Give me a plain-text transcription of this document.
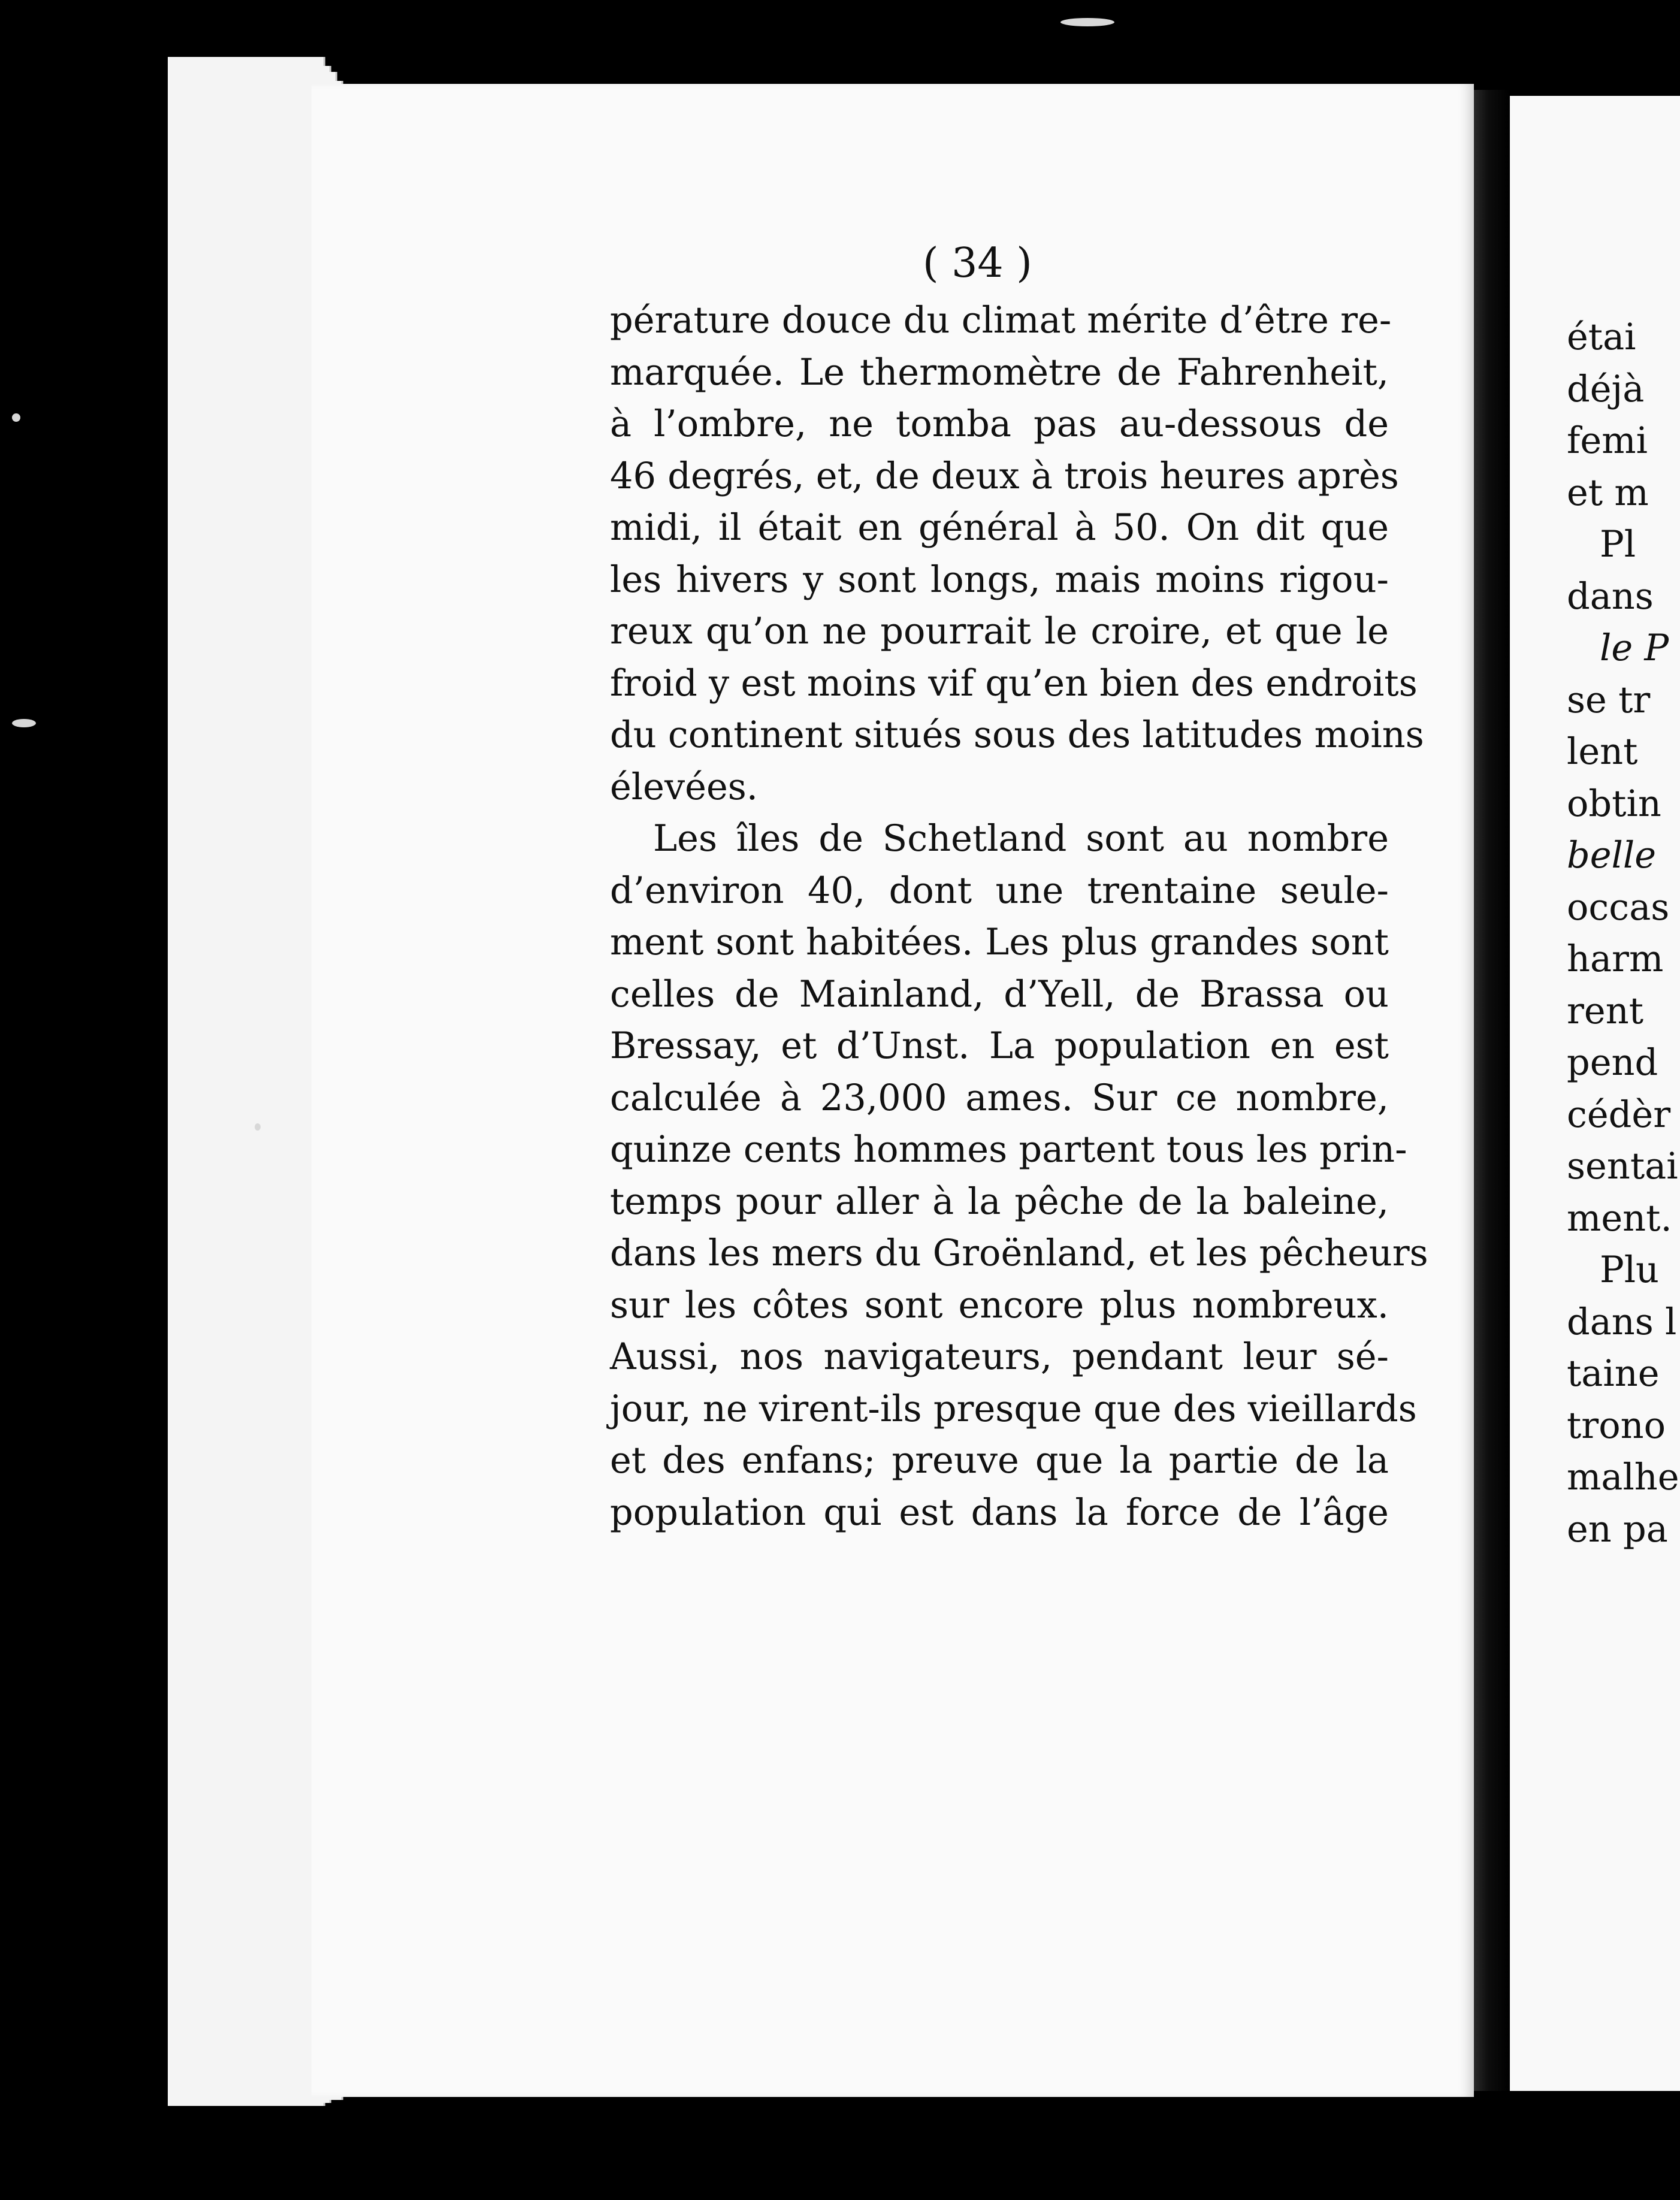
( 34 )
pérature douce du climat mérite d’être re-
marquée. Le thermomètre de Fahrenheit,
à l’ombre, ne tomba pas au-dessous de
46 degrés, et, de deux à trois heures après
midi, il était en général à 50. On dit que
les hivers y sont longs, mais moins rigou-
reux qu’on ne pourrait le croire, et que le
froid y est moins vif qu’en bien des endroits
du continent situés sous des latitudes moins
élevées.
Les îles de Schetland sont au nombre
d’environ 40, dont une trentaine seule-
ment sont habitées. Les plus grandes sont
celles de Mainland, d’Yell, de Brassa ou
Bressay, et d’Unst. La population en est
calculée à 23,000 ames. Sur ce nombre,
quinze cents hommes partent tous les prin-
temps pour aller à la pêche de la baleine,
dans les mers du Groënland, et les pêcheurs
sur les côtes sont encore plus nombreux.
Aussi, nos navigateurs, pendant leur sé-
jour, ne virent-ils presque que des vieillards
et des enfans; preuve que la partie de la
population qui est dans la force de l’âge
étai
déjà
femi
et m
Pl
dans
le P
se tr
lent
obtin
belle
occas
harm
rent
pend
cédèr
sentai
ment.
Plu
dans l
taine
trono
malhe
en pa
